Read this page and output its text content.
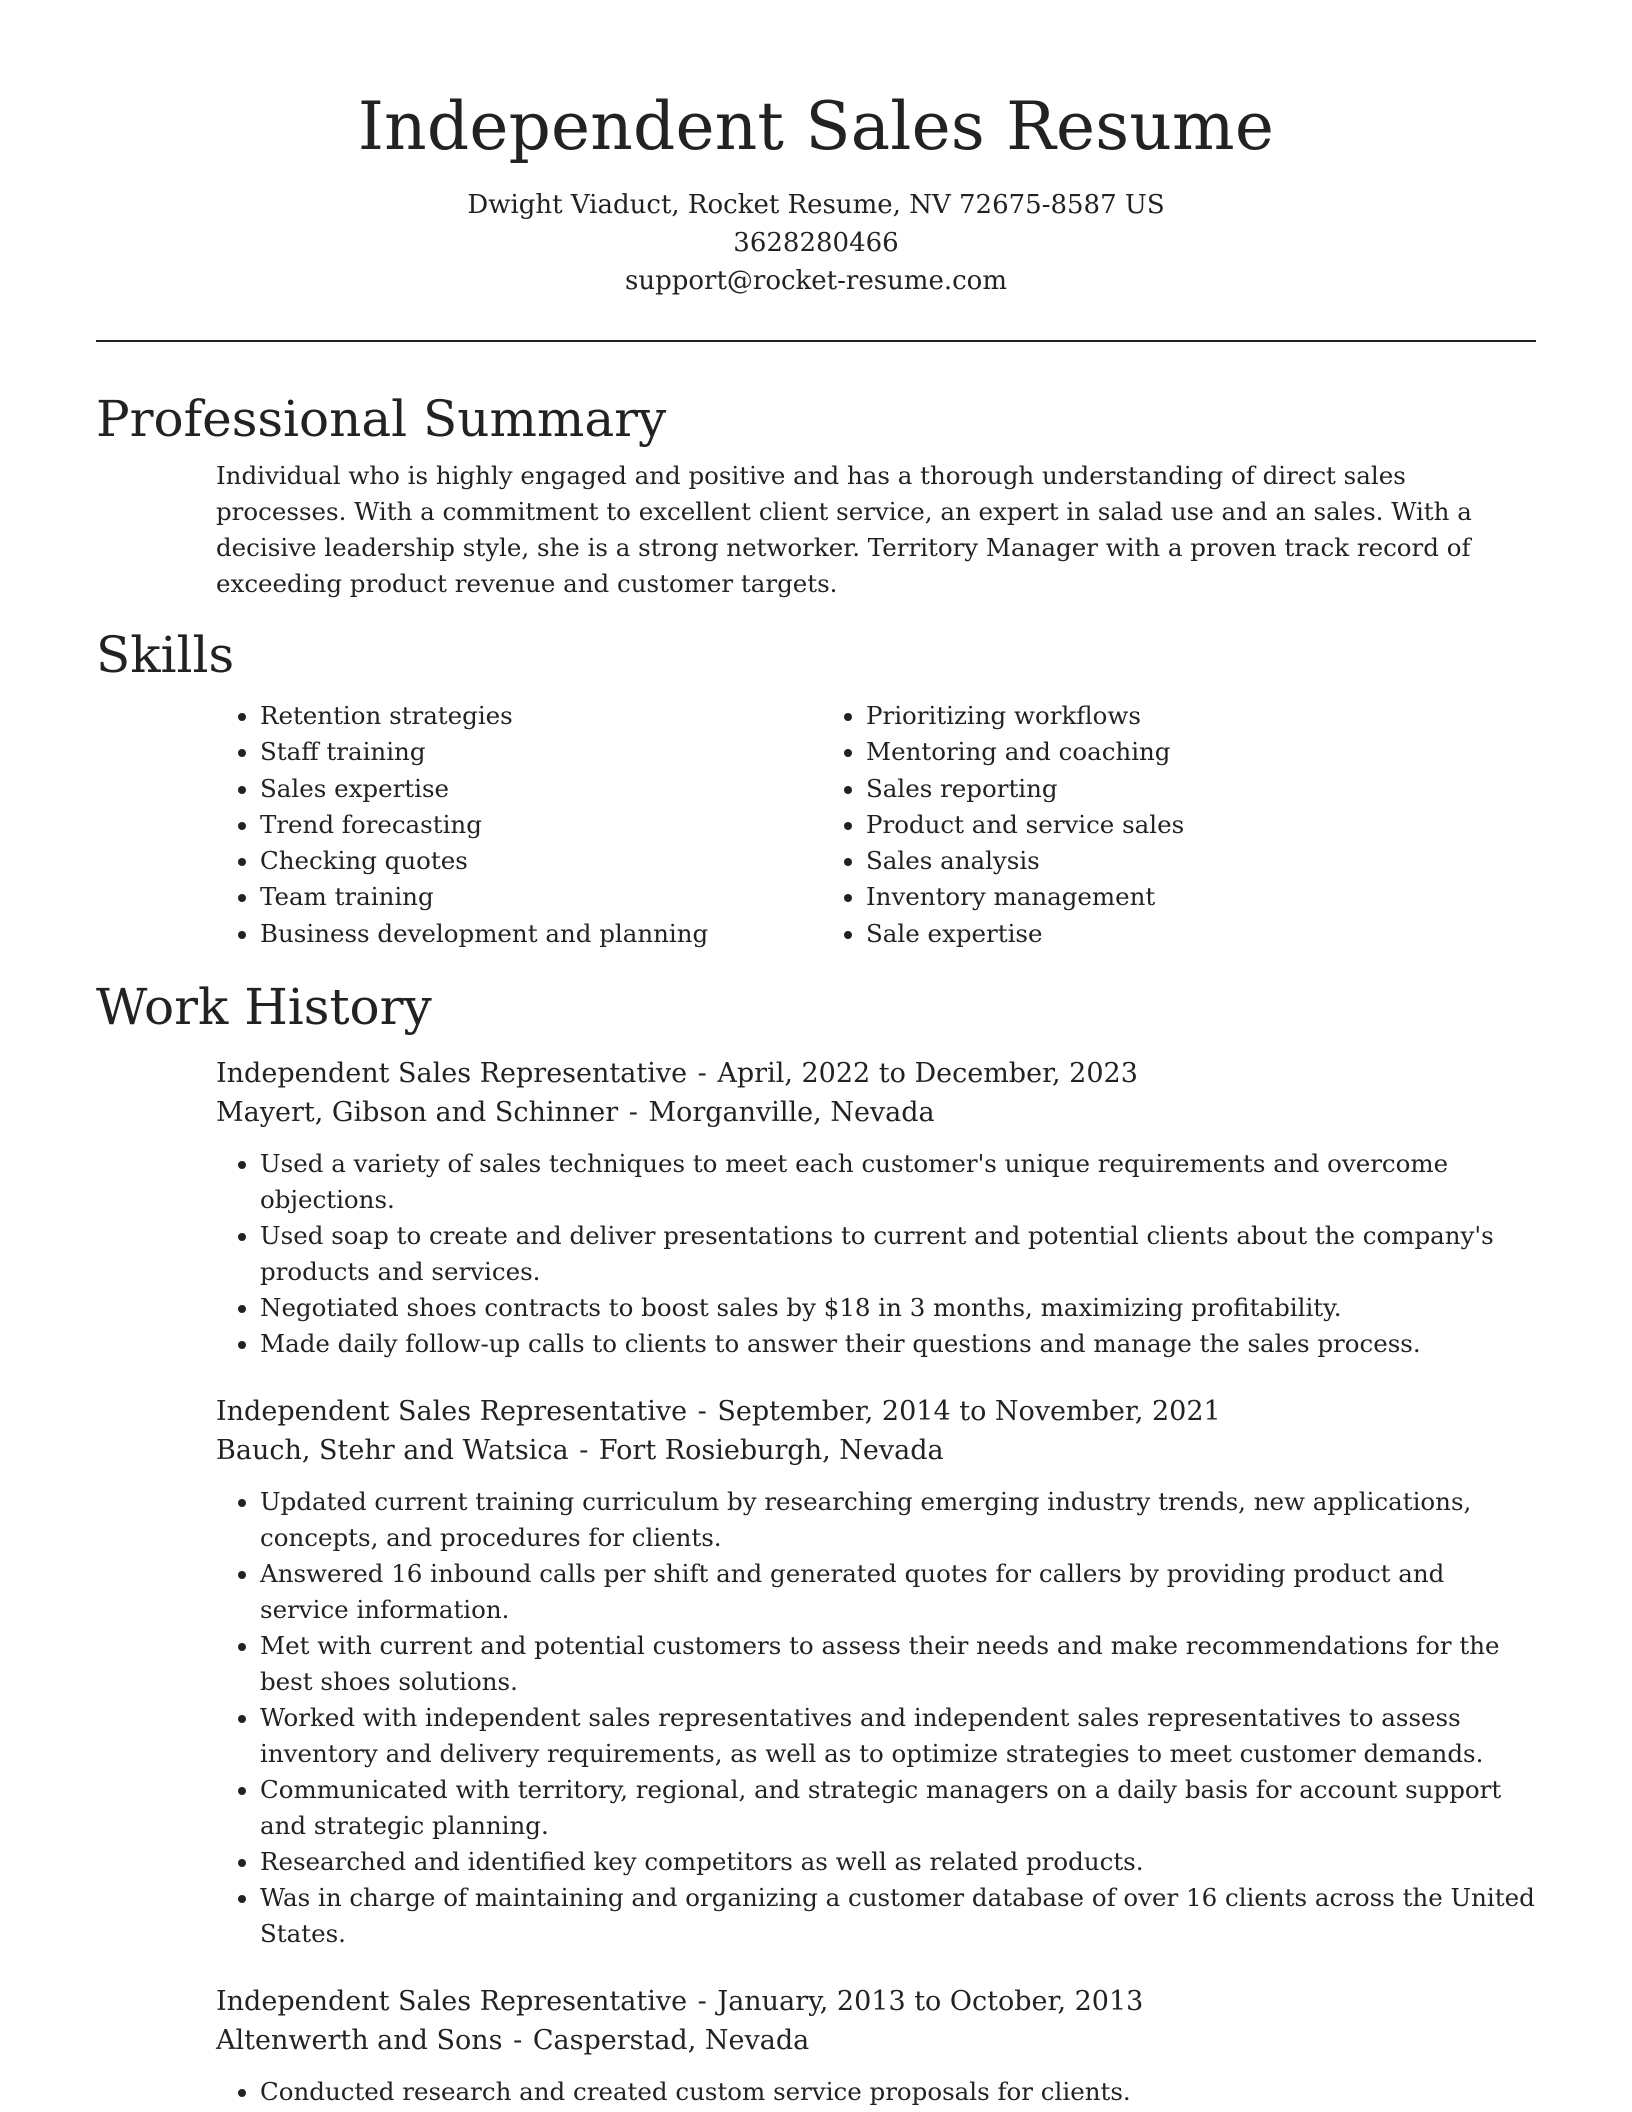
Independent Sales Resume
Dwight Viaduct, Rocket Resume, NV 72675-8587 US
3628280466
support@rocket-resume.com
Professional Summary

Individual who is highly engaged and positive and has a thorough understanding of direct sales processes. With a commitment to excellent client service, an expert in salad use and an sales. With a decisive leadership style, she is a strong networker. Territory Manager with a proven track record of exceeding product revenue and customer targets.

Skills
• Retention strategies
• Staff training
• Sales expertise
• Trend forecasting
• Checking quotes
• Team training
• Business development and planning
• Prioritizing workflows
• Mentoring and coaching
• Sales reporting
• Product and service sales
• Sales analysis
• Inventory management
• Sale expertise
Work History
Independent Sales Representative - April, 2022 to December, 2023
Mayert, Gibson and Schinner - Morganville, Nevada
• Used a variety of sales techniques to meet each customer's unique requirements and overcome objections.
• Used soap to create and deliver presentations to current and potential clients about the company's products and services.
• Negotiated shoes contracts to boost sales by $18 in 3 months, maximizing profitability.
• Made daily follow-up calls to clients to answer their questions and manage the sales process.
Independent Sales Representative - September, 2014 to November, 2021
Bauch, Stehr and Watsica - Fort Rosieburgh, Nevada
• Updated current training curriculum by researching emerging industry trends, new applications, concepts, and procedures for clients.
• Answered 16 inbound calls per shift and generated quotes for callers by providing product and service information.
• Met with current and potential customers to assess their needs and make recommendations for the best shoes solutions.
• Worked with independent sales representatives and independent sales representatives to assess inventory and delivery requirements, as well as to optimize strategies to meet customer demands.
• Communicated with territory, regional, and strategic managers on a daily basis for account support and strategic planning.
• Researched and identified key competitors as well as related products.
• Was in charge of maintaining and organizing a customer database of over 16 clients across the United States.
Independent Sales Representative - January, 2013 to October, 2013
Altenwerth and Sons - Casperstad, Nevada
• Conducted research and created custom service proposals for clients.
